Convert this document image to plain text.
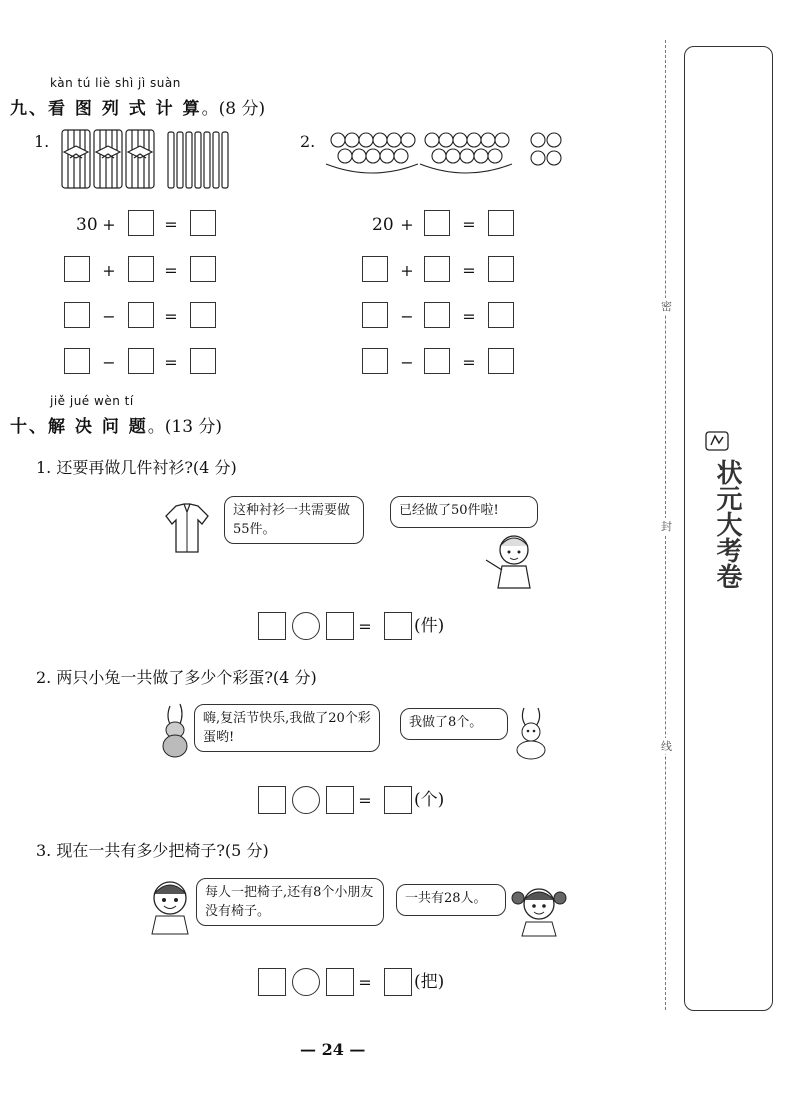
kàn tú liè shì jì suàn
九、看 图 列 式 计 算。(8 分)
1.	2.
30 +	=
+	=
−	=
−	=
20 +	=
+	=
−	=
−	=
jiě jué wèn tí
十、解 决 问 题。(13 分)
1. 还要再做几件衬衫?(4 分)
这种衬衫一共需要做55件。
已经做了50件啦!
= (件)
2. 两只小兔一共做了多少个彩蛋?(4 分)
嗨,复活节快乐,我做了20个彩蛋哟!
我做了8个。
= (个)
3. 现在一共有多少把椅子?(5 分)
每人一把椅子,还有8个小朋友没有椅子。
一共有28人。
= (把)
— 24 —
密
封
线
状元大考卷
